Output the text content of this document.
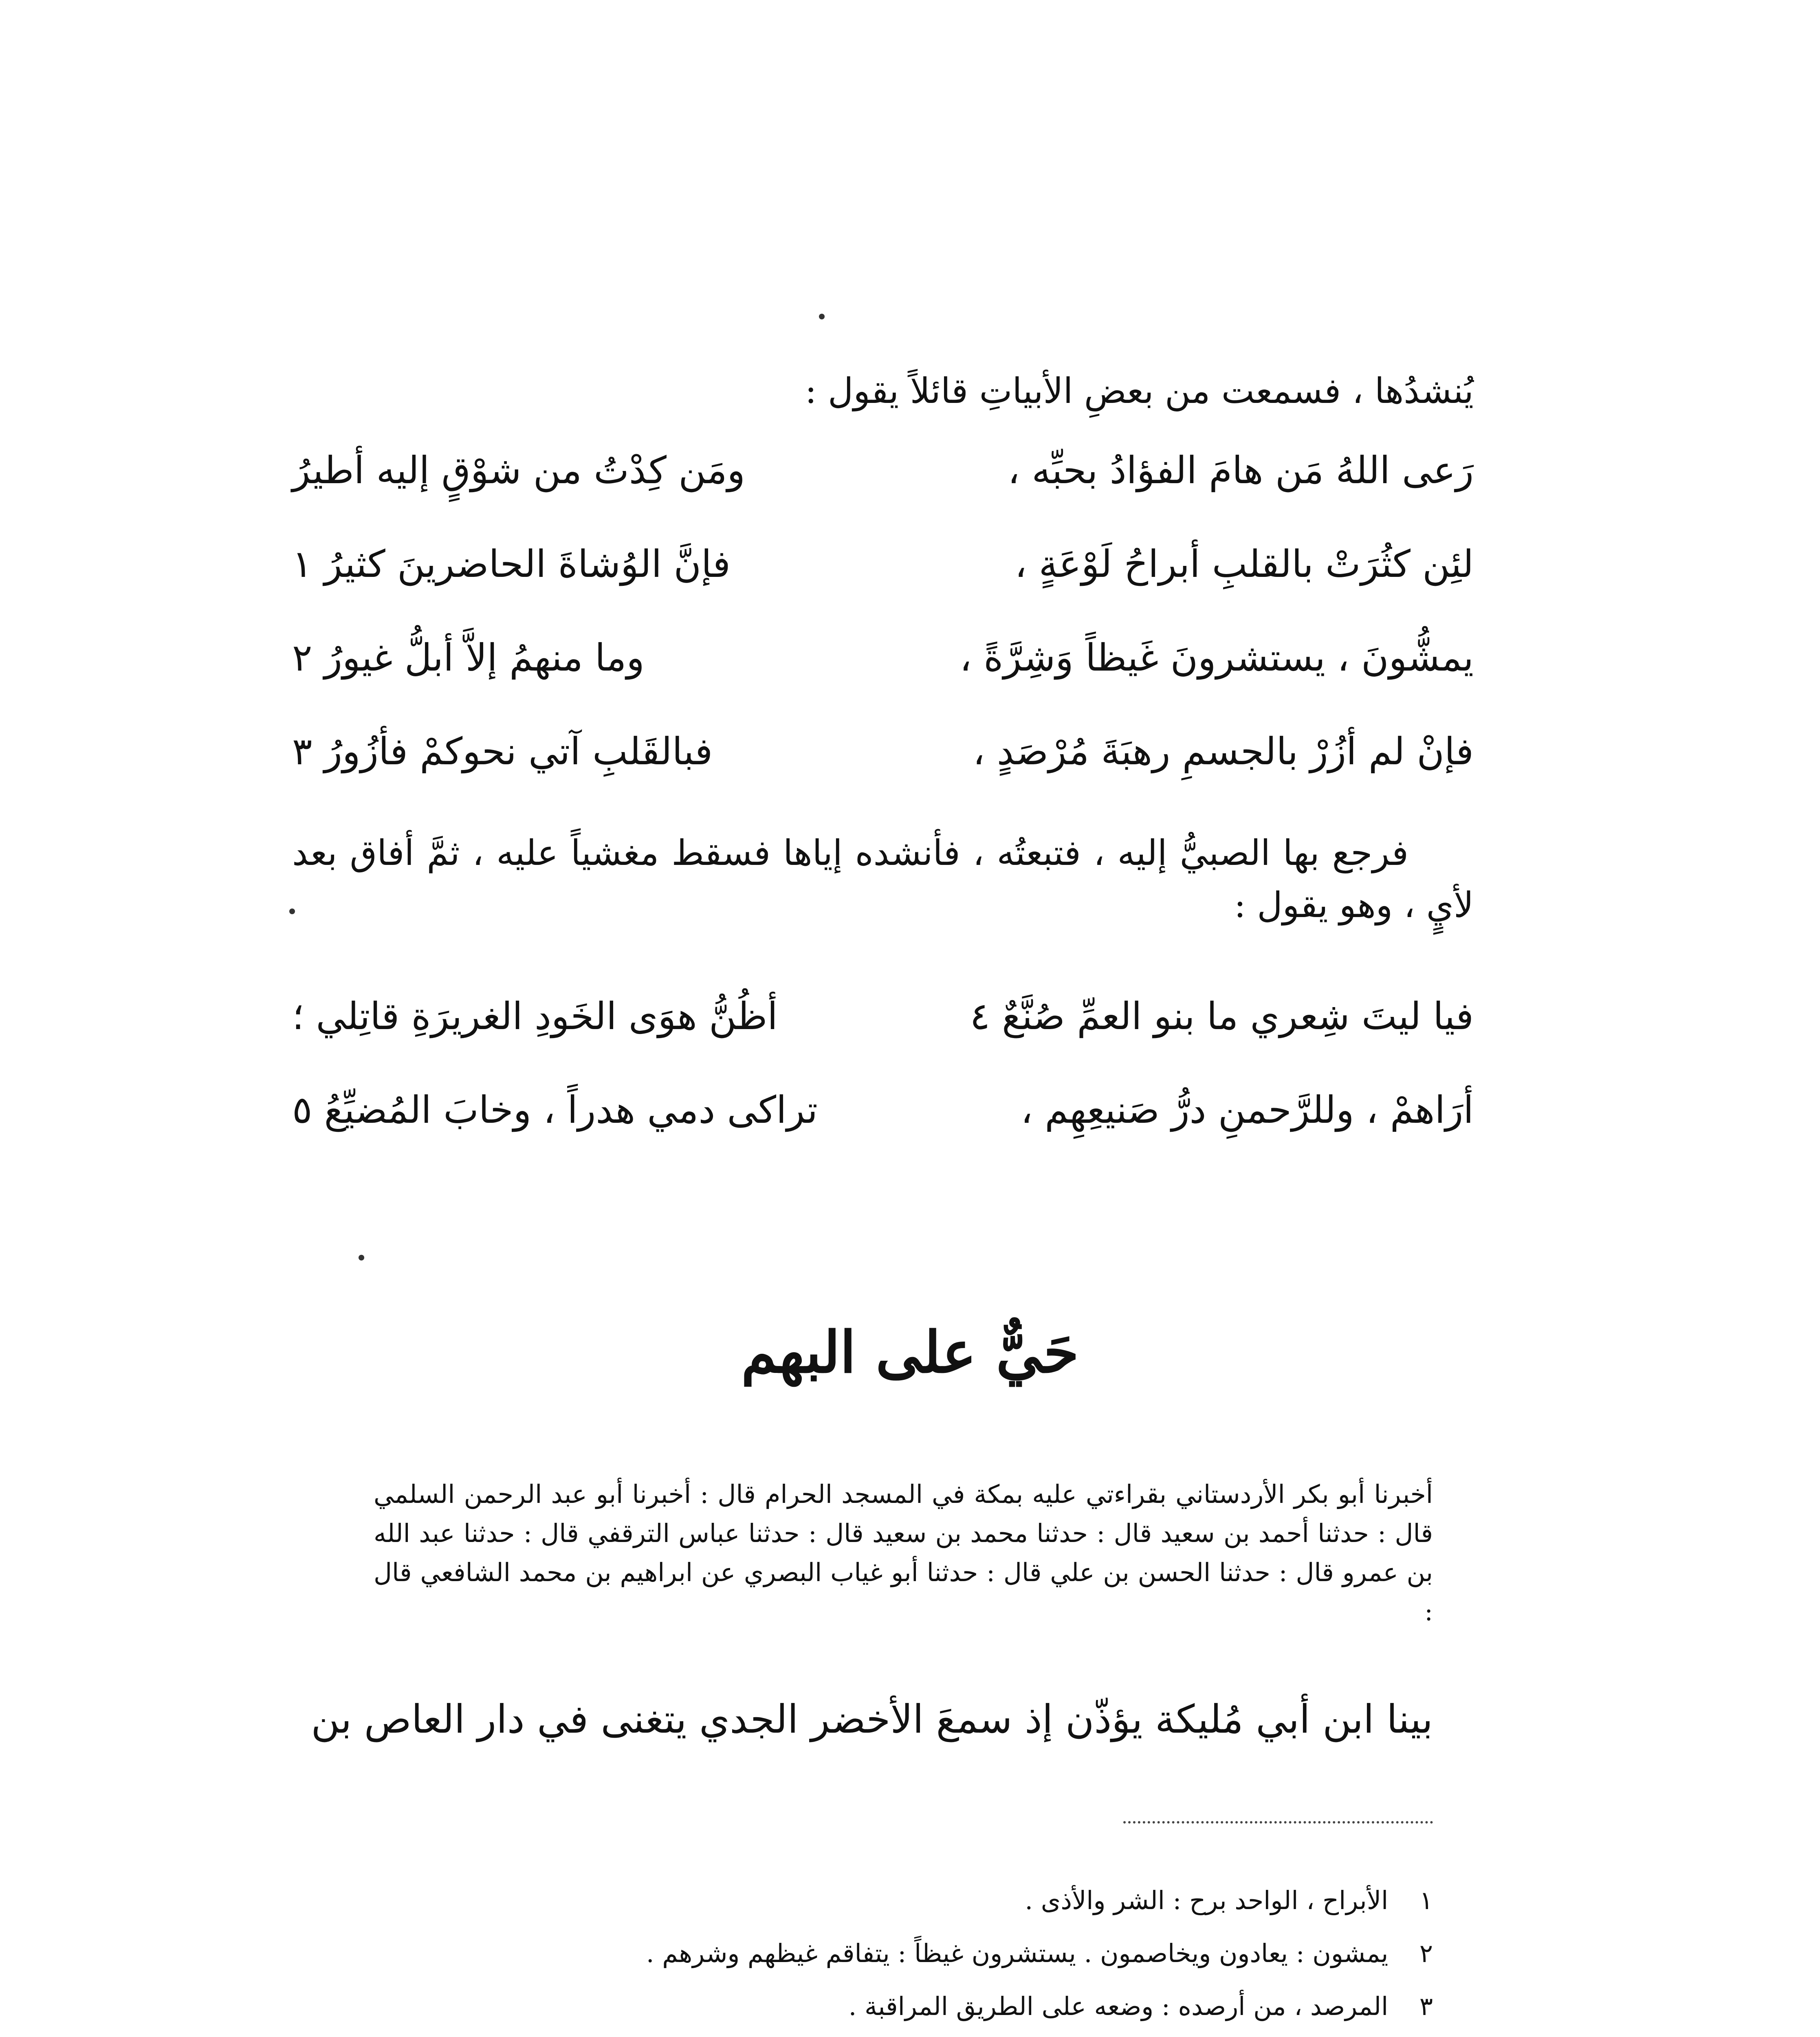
يُنشدُها ، فسمعت من بعضِ الأبياتِ قائلاً يقول :
رَعى اللهُ مَن هامَ الفؤادُ بحبِّه ،
ومَن كِدْتُ من شوْقٍ إليه أطيرُ
لئِن كثُرَتْ بالقلبِ أبراحُ لَوْعَةٍ ،
فإنَّ الوُشاةَ الحاضرينَ كثيرُ ١
يمشُّونَ ، يستشرونَ غَيظاً وَشِرَّةً ،
وما منهمُ إلاَّ أبلُّ غيورُ ٢
فإنْ لم أزُرْ بالجسمِ رهبَةَ مُرْصَدٍ ،
فبالقَلبِ آتي نحوكمْ فأزُورُ ٣
فرجع بها الصبيُّ إليه ، فتبعتُه ، فأنشده إياها فسقط مغشياً عليه ، ثمَّ أفاق بعد لأيٍ ، وهو يقول :
فيا ليتَ شِعري ما بنو العمِّ صُنَّعٌ ٤
أظُنُّ هوَى الخَودِ الغريرَةِ قاتِلي ؛
أرَاهمْ ، وللرَّحمنِ درُّ صَنيعِهِم ،
تراكى دمي هدراً ، وخابَ المُضيِّعُ ٥
حَيٌّ على البهم
أخبرنا أبو بكر الأردستاني بقراءتي عليه بمكة في المسجد الحرام قال : أخبرنا أبو عبد الرحمن السلمي قال : حدثنا أحمد بن سعيد قال : حدثنا محمد بن سعيد قال : حدثنا عباس الترقفي قال : حدثنا عبد الله بن عمرو قال : حدثنا الحسن بن علي قال : حدثنا أبو غياب البصري عن ابراهيم بن محمد الشافعي قال :
بينا ابن أبي مُليكة يؤذّن إذ سمعَ الأخضر الجدي يتغنى في دار العاص بن
١ الأبراح ، الواحد برح : الشر والأذى .
٢ يمشون : يعادون ويخاصمون . يستشرون غيظاً : يتفاقم غيظهم وشرهم .
٣ المرصد ، من أرصده : وضعه على الطريق المراقبة .
